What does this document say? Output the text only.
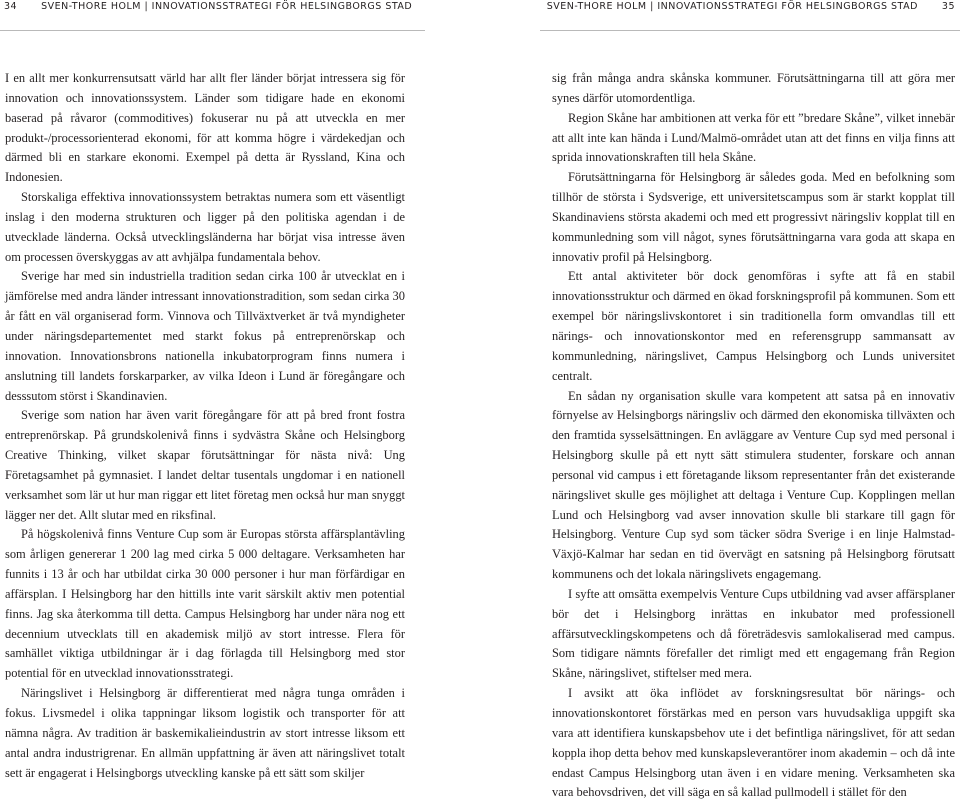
34	SVEN-THORE HOLM | INNOVATIONSSTRATEGI FÖR HELSINGBORGS STAD	SVEN-THORE HOLM | INNOVATIONSSTRATEGI FÖR HELSINGBORGS STAD	35

I en allt mer konkurrensutsatt värld har allt fler länder börjat intressera sig för innovation och innovationssystem. Länder som tidigare hade en ekonomi baserad på råvaror (commoditives) fokuserar nu på att utveckla en mer produkt-/processorienterad ekonomi, för att komma högre i värdekedjan och därmed bli en starkare ekonomi. Exempel på detta är Ryssland, Kina och Indonesien.

Storskaliga effektiva innovationssystem betraktas numera som ett väsentligt inslag i den moderna strukturen och ligger på den politiska agendan i de utvecklade länderna. Också utvecklingsländerna har börjat visa intresse även om processen överskyggas av att avhjälpa fundamentala behov.

Sverige har med sin industriella tradition sedan cirka 100 år utvecklat en i jämförelse med andra länder intressant innovationstradition, som sedan cirka 30 år fått en väl organiserad form. Vinnova och Tillväxtverket är två myndigheter under näringsdepartementet med starkt fokus på entreprenörskap och innovation. Innovationsbrons nationella inkubatorprogram finns numera i anslutning till landets forskarparker, av vilka Ideon i Lund är föregångare och desssutom störst i Skandinavien.

Sverige som nation har även varit föregångare för att på bred front fostra entreprenörskap. På grundskolenivå finns i sydvästra Skåne och Helsingborg Creative Thinking, vilket skapar förutsättningar för nästa nivå: Ung Företagsamhet på gymnasiet. I landet deltar tusentals ungdomar i en nationell verksamhet som lär ut hur man riggar ett litet företag men också hur man snyggt lägger ner det. Allt slutar med en riksfinal.

På högskolenivå finns Venture Cup som är Europas största affärsplantävling som årligen genererar 1 200 lag med cirka 5 000 deltagare. Verksamheten har funnits i 13 år och har utbildat cirka 30 000 personer i hur man förfärdigar en affärsplan. I Helsingborg har den hittills inte varit särskilt aktiv men potential finns. Jag ska återkomma till detta. Campus Helsingborg har under nära nog ett decennium utvecklats till en akademisk miljö av stort intresse. Flera för samhället viktiga utbildningar är i dag förlagda till Helsingborg med stor potential för en utvecklad innovationsstrategi.

Näringslivet i Helsingborg är differentierat med några tunga områden i fokus. Livsmedel i olika tappningar liksom logistik och transporter för att nämna några. Av tradition är baskemikalieindustrin av stort intresse liksom ett antal andra industrigrenar. En allmän uppfattning är även att näringslivet totalt sett är engagerat i Helsingborgs utveckling kanske på ett sätt som skiljer

sig från många andra skånska kommuner. Förutsättningarna till att göra mer synes därför utomordentliga.

Region Skåne har ambitionen att verka för ett ”bredare Skåne”, vilket innebär att allt inte kan hända i Lund/Malmö-området utan att det finns en vilja finns att sprida innovationskraften till hela Skåne.

Förutsättningarna för Helsingborg är således goda. Med en befolkning som tillhör de största i Sydsverige, ett universitetscampus som är starkt kopplat till Skandinaviens största akademi och med ett progressivt näringsliv kopplat till en kommunledning som vill något, synes förutsättningarna vara goda att skapa en innovativ profil på Helsingborg.

Ett antal aktiviteter bör dock genomföras i syfte att få en stabil innovationsstruktur och därmed en ökad forskningsprofil på kommunen. Som ett exempel bör näringslivskontoret i sin traditionella form omvandlas till ett närings- och innovationskontor med en referensgrupp sammansatt av kommunledning, näringslivet, Campus Helsingborg och Lunds universitet centralt.

En sådan ny organisation skulle vara kompetent att satsa på en innovativ förnyelse av Helsingborgs näringsliv och därmed den ekonomiska tillväxten och den framtida sysselsättningen. En avläggare av Venture Cup syd med personal i Helsingborg skulle på ett nytt sätt stimulera studenter, forskare och annan personal vid campus i ett företagande liksom representanter från det existerande näringslivet skulle ges möjlighet att deltaga i Venture Cup. Kopplingen mellan Lund och Helsingborg vad avser innovation skulle bli starkare till gagn för Helsingborg. Venture Cup syd som täcker södra Sverige i en linje Halmstad-Växjö-Kalmar har sedan en tid övervägt en satsning på Helsingborg förutsatt kommunens och det lokala näringslivets engagemang.

I syfte att omsätta exempelvis Venture Cups utbildning vad avser affärsplaner bör det i Helsingborg inrättas en inkubator med professionell affärsutvecklingskompetens och då företrädesvis samlokaliserad med campus. Som tidigare nämnts förefaller det rimligt med ett engagemang från Region Skåne, näringslivet, stiftelser med mera.

I avsikt att öka inflödet av forskningsresultat bör närings- och innovationskontoret förstärkas med en person vars huvudsakliga uppgift ska vara att identifiera kunskapsbehov ute i det befintliga näringslivet, för att sedan koppla ihop detta behov med kunskapsleverantörer inom akademin – och då inte endast Campus Helsingborg utan även i en vidare mening. Verksamheten ska vara behovsdriven, det vill säga en så kallad pullmodell i stället för den
